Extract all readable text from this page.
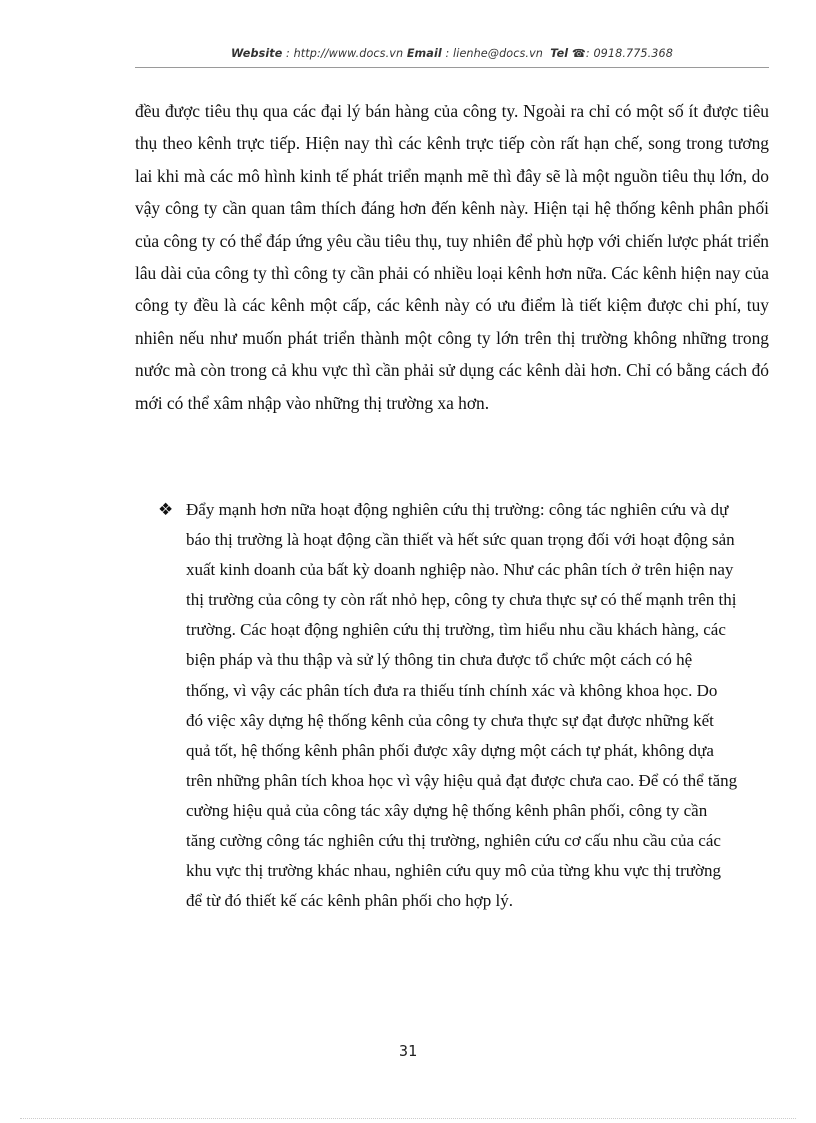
Website : http://www.docs.vn Email : lienhe@docs.vn Tel ☎: 0918.775.368
đều được tiêu thụ qua các đại lý bán hàng của công ty. Ngoài ra chỉ có một số ít được tiêu thụ theo kênh trực tiếp. Hiện nay thì các kênh trực tiếp còn rất hạn chế, song trong tương lai khi mà các mô hình kinh tế phát triển mạnh mẽ thì đây sẽ là một nguồn tiêu thụ lớn, do vậy công ty cần quan tâm thích đáng hơn đến kênh này. Hiện tại hệ thống kênh phân phối của công ty có thể đáp ứng yêu cầu tiêu thụ, tuy nhiên để phù hợp với chiến lược phát triển lâu dài của công ty thì công ty cần phải có nhiều loại kênh hơn nữa. Các kênh hiện nay của công ty đều là các kênh một cấp, các kênh này có ưu điểm là tiết kiệm được chi phí, tuy nhiên nếu như muốn phát triển thành một công ty lớn trên thị trường không những trong nước mà còn trong cả khu vực thì cần phải sử dụng các kênh dài hơn. Chỉ có bằng cách đó mới có thể xâm nhập vào những thị trường xa hơn.
❖ Đẩy mạnh hơn nữa hoạt động nghiên cứu thị trường: công tác nghiên cứu và dự báo thị trường là hoạt động cần thiết và hết sức quan trọng đối với hoạt động sản xuất kinh doanh của bất kỳ doanh nghiệp nào. Như các phân tích ở trên hiện nay thị trường của công ty còn rất nhỏ hẹp, công ty chưa thực sự có thế mạnh trên thị trường. Các hoạt động nghiên cứu thị trường, tìm hiểu nhu cầu khách hàng, các biện pháp và thu thập và sử lý thông tin chưa được tổ chức một cách có hệ thống, vì vậy các phân tích đưa ra thiếu tính chính xác và không khoa học. Do đó việc xây dựng hệ thống kênh của công ty chưa thực sự đạt được những kết quả tốt, hệ thống kênh phân phối được xây dựng một cách tự phát, không dựa trên những phân tích khoa học vì vậy hiệu quả đạt được chưa cao. Để có thể tăng cường hiệu quả của công tác xây dựng hệ thống kênh phân phối, công ty cần tăng cường công tác nghiên cứu thị trường, nghiên cứu cơ cấu nhu cầu của các khu vực thị trường khác nhau, nghiên cứu quy mô của từng khu vực thị trường để từ đó thiết kế các kênh phân phối cho hợp lý.
31
